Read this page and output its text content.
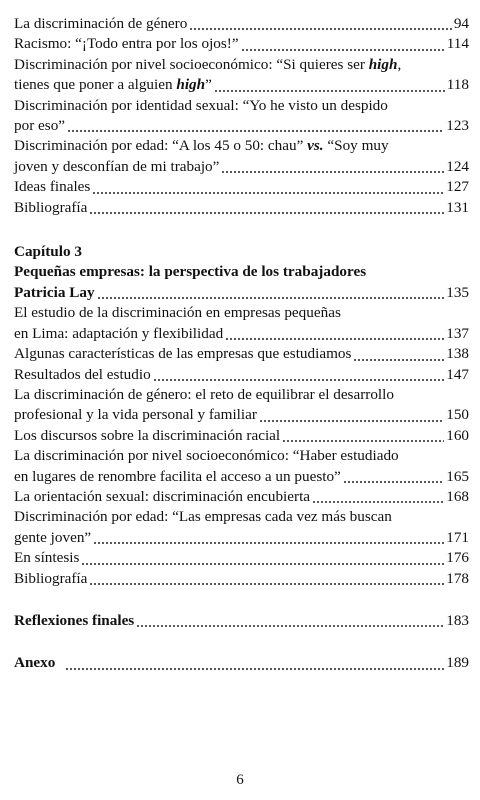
La discriminación de género	94
Racismo: “¡Todo entra por los ojos!”	114
Discriminación por nivel socioeconómico: “Si quieres ser high,
tienes que poner a alguien high”	118
Discriminación por identidad sexual: “Yo he visto un despido
por eso”	123
Discriminación por edad: “A los 45 o 50: chau” vs. “Soy muy
joven y desconfían de mi trabajo”	124
Ideas finales	127
Bibliografía	131
Capítulo 3
Pequeñas empresas: la perspectiva de los trabajadores
Patricia Lay	135
El estudio de la discriminación en empresas pequeñas
en Lima: adaptación y flexibilidad	137
Algunas características de las empresas que estudiamos	138
Resultados del estudio	147
La discriminación de género: el reto de equilibrar el desarrollo
profesional y la vida personal y familiar	150
Los discursos sobre la discriminación racial	160
La discriminación por nivel socioeconómico: “Haber estudiado
en lugares de renombre facilita el acceso a un puesto”	165
La orientación sexual: discriminación encubierta	168
Discriminación por edad: “Las empresas cada vez más buscan
gente joven”	171
En síntesis	176
Bibliografía	178
Reflexiones finales	183
Anexo	189
6
